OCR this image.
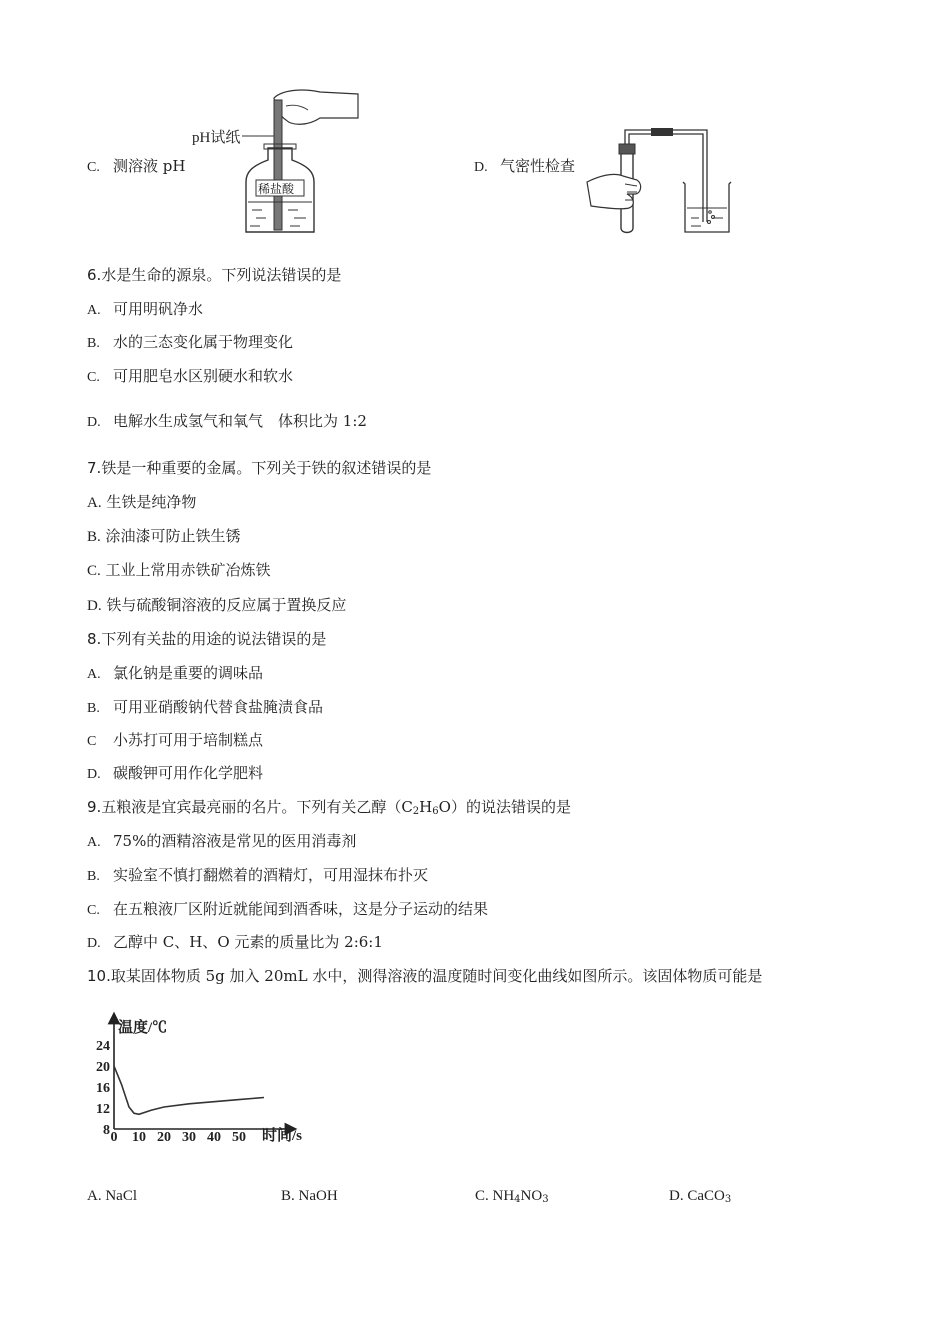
C. 测溶液 pH
pH试纸
稀盐酸
D. 气密性检查
6.水是生命的源泉。下列说法错误的是
A. 可用明矾净水
B. 水的三态变化属于物理变化
C. 可用肥皂水区别硬水和软水
D. 电解水生成氢气和氧气　体积比为 1:2
7.铁是一种重要的金属。下列关于铁的叙述错误的是
A. 生铁是纯净物
B. 涂油漆可防止铁生锈
C. 工业上常用赤铁矿冶炼铁
D. 铁与硫酸铜溶液的反应属于置换反应
8.下列有关盐的用途的说法错误的是
A. 氯化钠是重要的调味品
B. 可用亚硝酸钠代替食盐腌渍食品
C 小苏打可用于培制糕点
D. 碳酸钾可用作化学肥料
9.五粮液是宜宾最亮丽的名片。下列有关乙醇$(C_2H_6O)$的说法错误的是
A. 75%的酒精溶液是常见的医用消毒剂
B. 实验室不慎打翻燃着的酒精灯，可用湿抹布扑灭
C. 在五粮液厂区附近就能闻到酒香味，这是分子运动的结果
D. 乙醇中 C、H、O 元素的质量比为 2:6:1
10.取某固体物质 5g 加入 20mL 水中，测得溶液的温度随时间变化曲线如图所示。该固体物质可能是
温度/℃
时间/s
0 10 20 30 40 50
8
12
16
20
24
A. NaCl	B. NaOH	C. $NH_4NO_3$	D. CaCO$_3$
